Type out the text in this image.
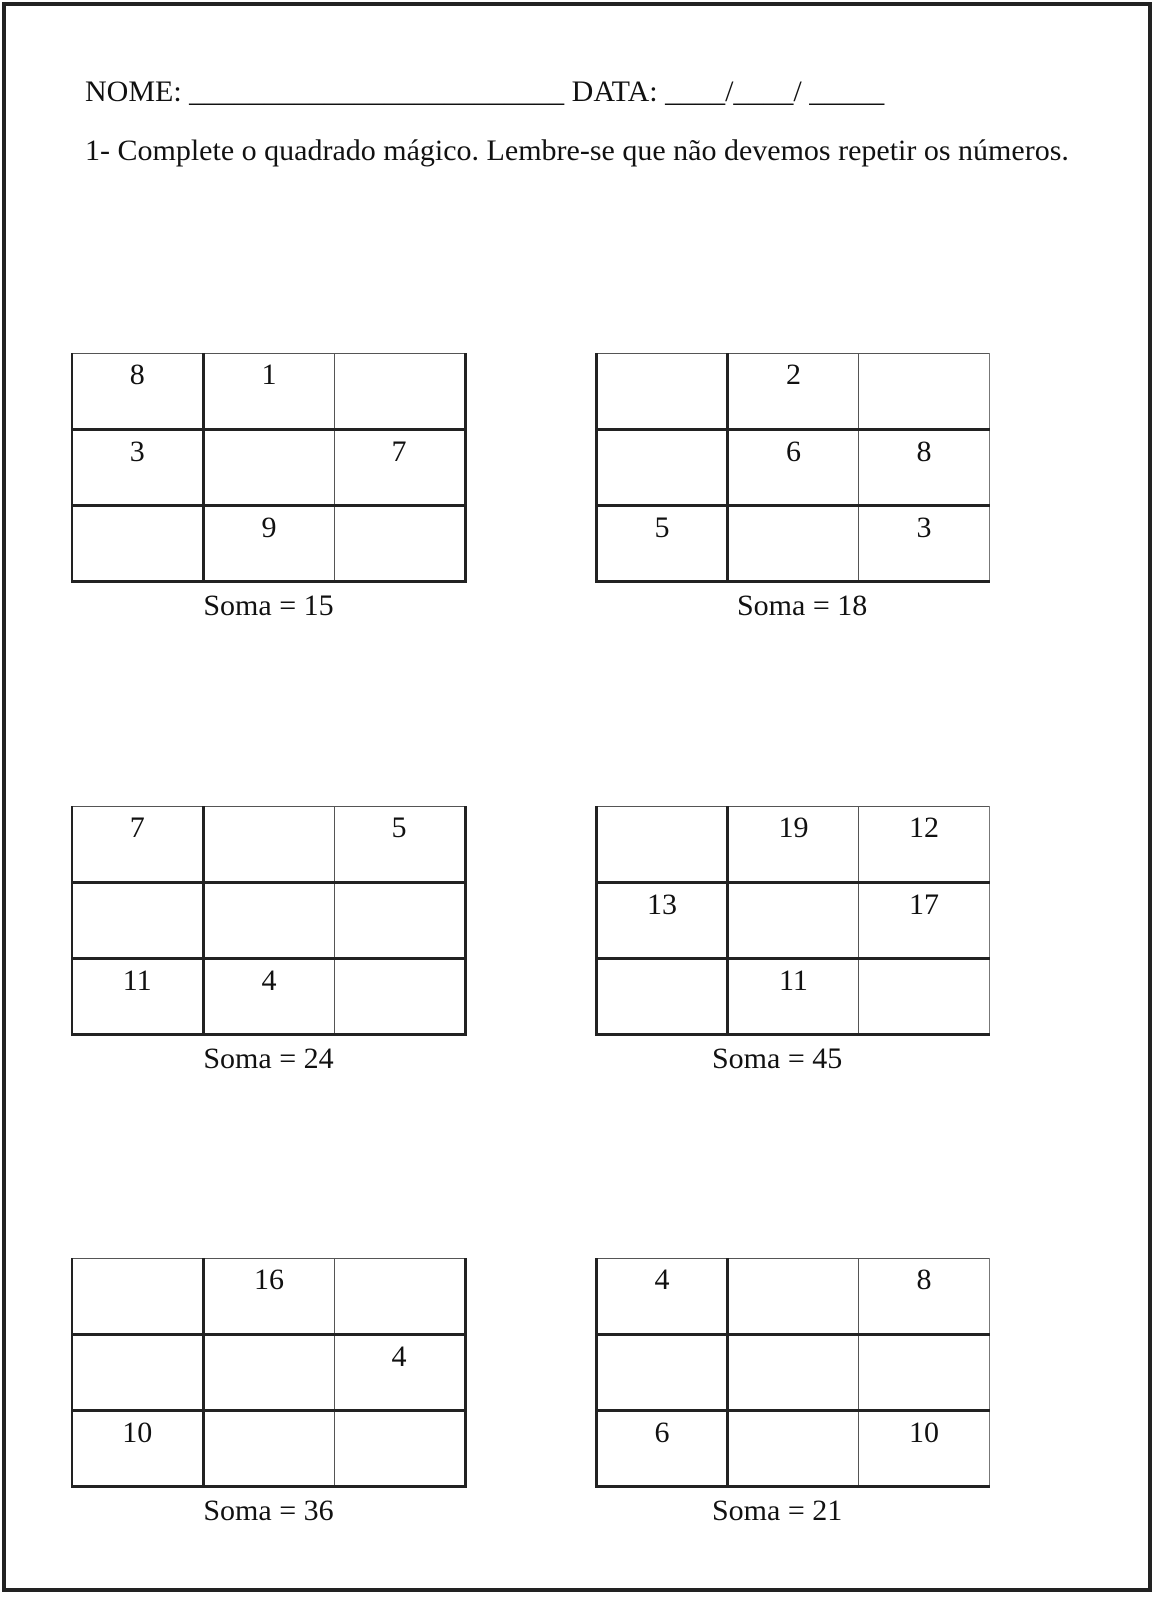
NOME: _________________________ DATA: ____/____/ _____
1- Complete o quadrado mágico. Lembre-se que não devemos repetir os números.
8	1	
3		7
	9	
Soma = 15
	2	
	6	8
5		3
Soma = 18
7		5

11	4	
Soma = 24
	19	12
13		17
	11	
Soma = 45
	16	
		4
10		
Soma = 36
4		8

6		10
Soma = 21
